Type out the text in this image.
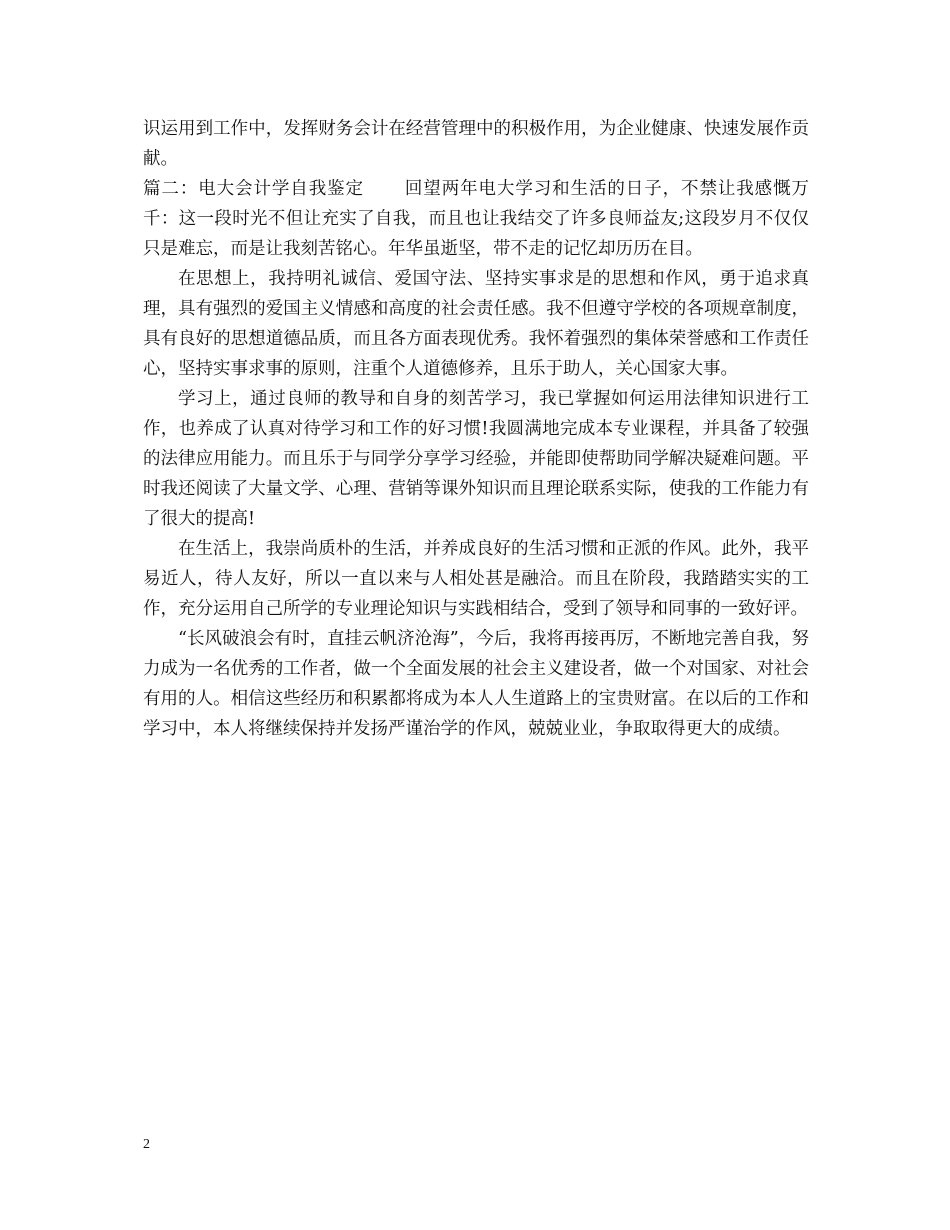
识运用到工作中，发挥财务会计在经营管理中的积极作用，为企业健康、快速发展作贡献。

篇二：电大会计学自我鉴定 回望两年电大学习和生活的日子，不禁让我感慨万千：这一段时光不但让充实了自我，而且也让我结交了许多良师益友;这段岁月不仅仅只是难忘，而是让我刻苦铭心。年华虽逝坚，带不走的记忆却历历在目。

在思想上，我持明礼诚信、爱国守法、坚持实事求是的思想和作风，勇于追求真理，具有强烈的爱国主义情感和高度的社会责任感。我不但遵守学校的各项规章制度，具有良好的思想道德品质，而且各方面表现优秀。我怀着强烈的集体荣誉感和工作责任心，坚持实事求事的原则，注重个人道德修养，且乐于助人，关心国家大事。

学习上，通过良师的教导和自身的刻苦学习，我已掌握如何运用法律知识进行工作，也养成了认真对待学习和工作的好习惯!我圆满地完成本专业课程，并具备了较强的法律应用能力。而且乐于与同学分享学习经验，并能即使帮助同学解决疑难问题。平时我还阅读了大量文学、心理、营销等课外知识而且理论联系实际，使我的工作能力有了很大的提高!

在生活上，我崇尚质朴的生活，并养成良好的生活习惯和正派的作风。此外，我平易近人，待人友好，所以一直以来与人相处甚是融洽。而且在阶段，我踏踏实实的工作，充分运用自己所学的专业理论知识与实践相结合，受到了领导和同事的一致好评。

“长风破浪会有时，直挂云帆济沧海”，今后，我将再接再厉，不断地完善自我，努力成为一名优秀的工作者，做一个全面发展的社会主义建设者，做一个对国家、对社会有用的人。相信这些经历和积累都将成为本人人生道路上的宝贵财富。在以后的工作和学习中，本人将继续保持并发扬严谨治学的作风，兢兢业业，争取取得更大的成绩。

2
